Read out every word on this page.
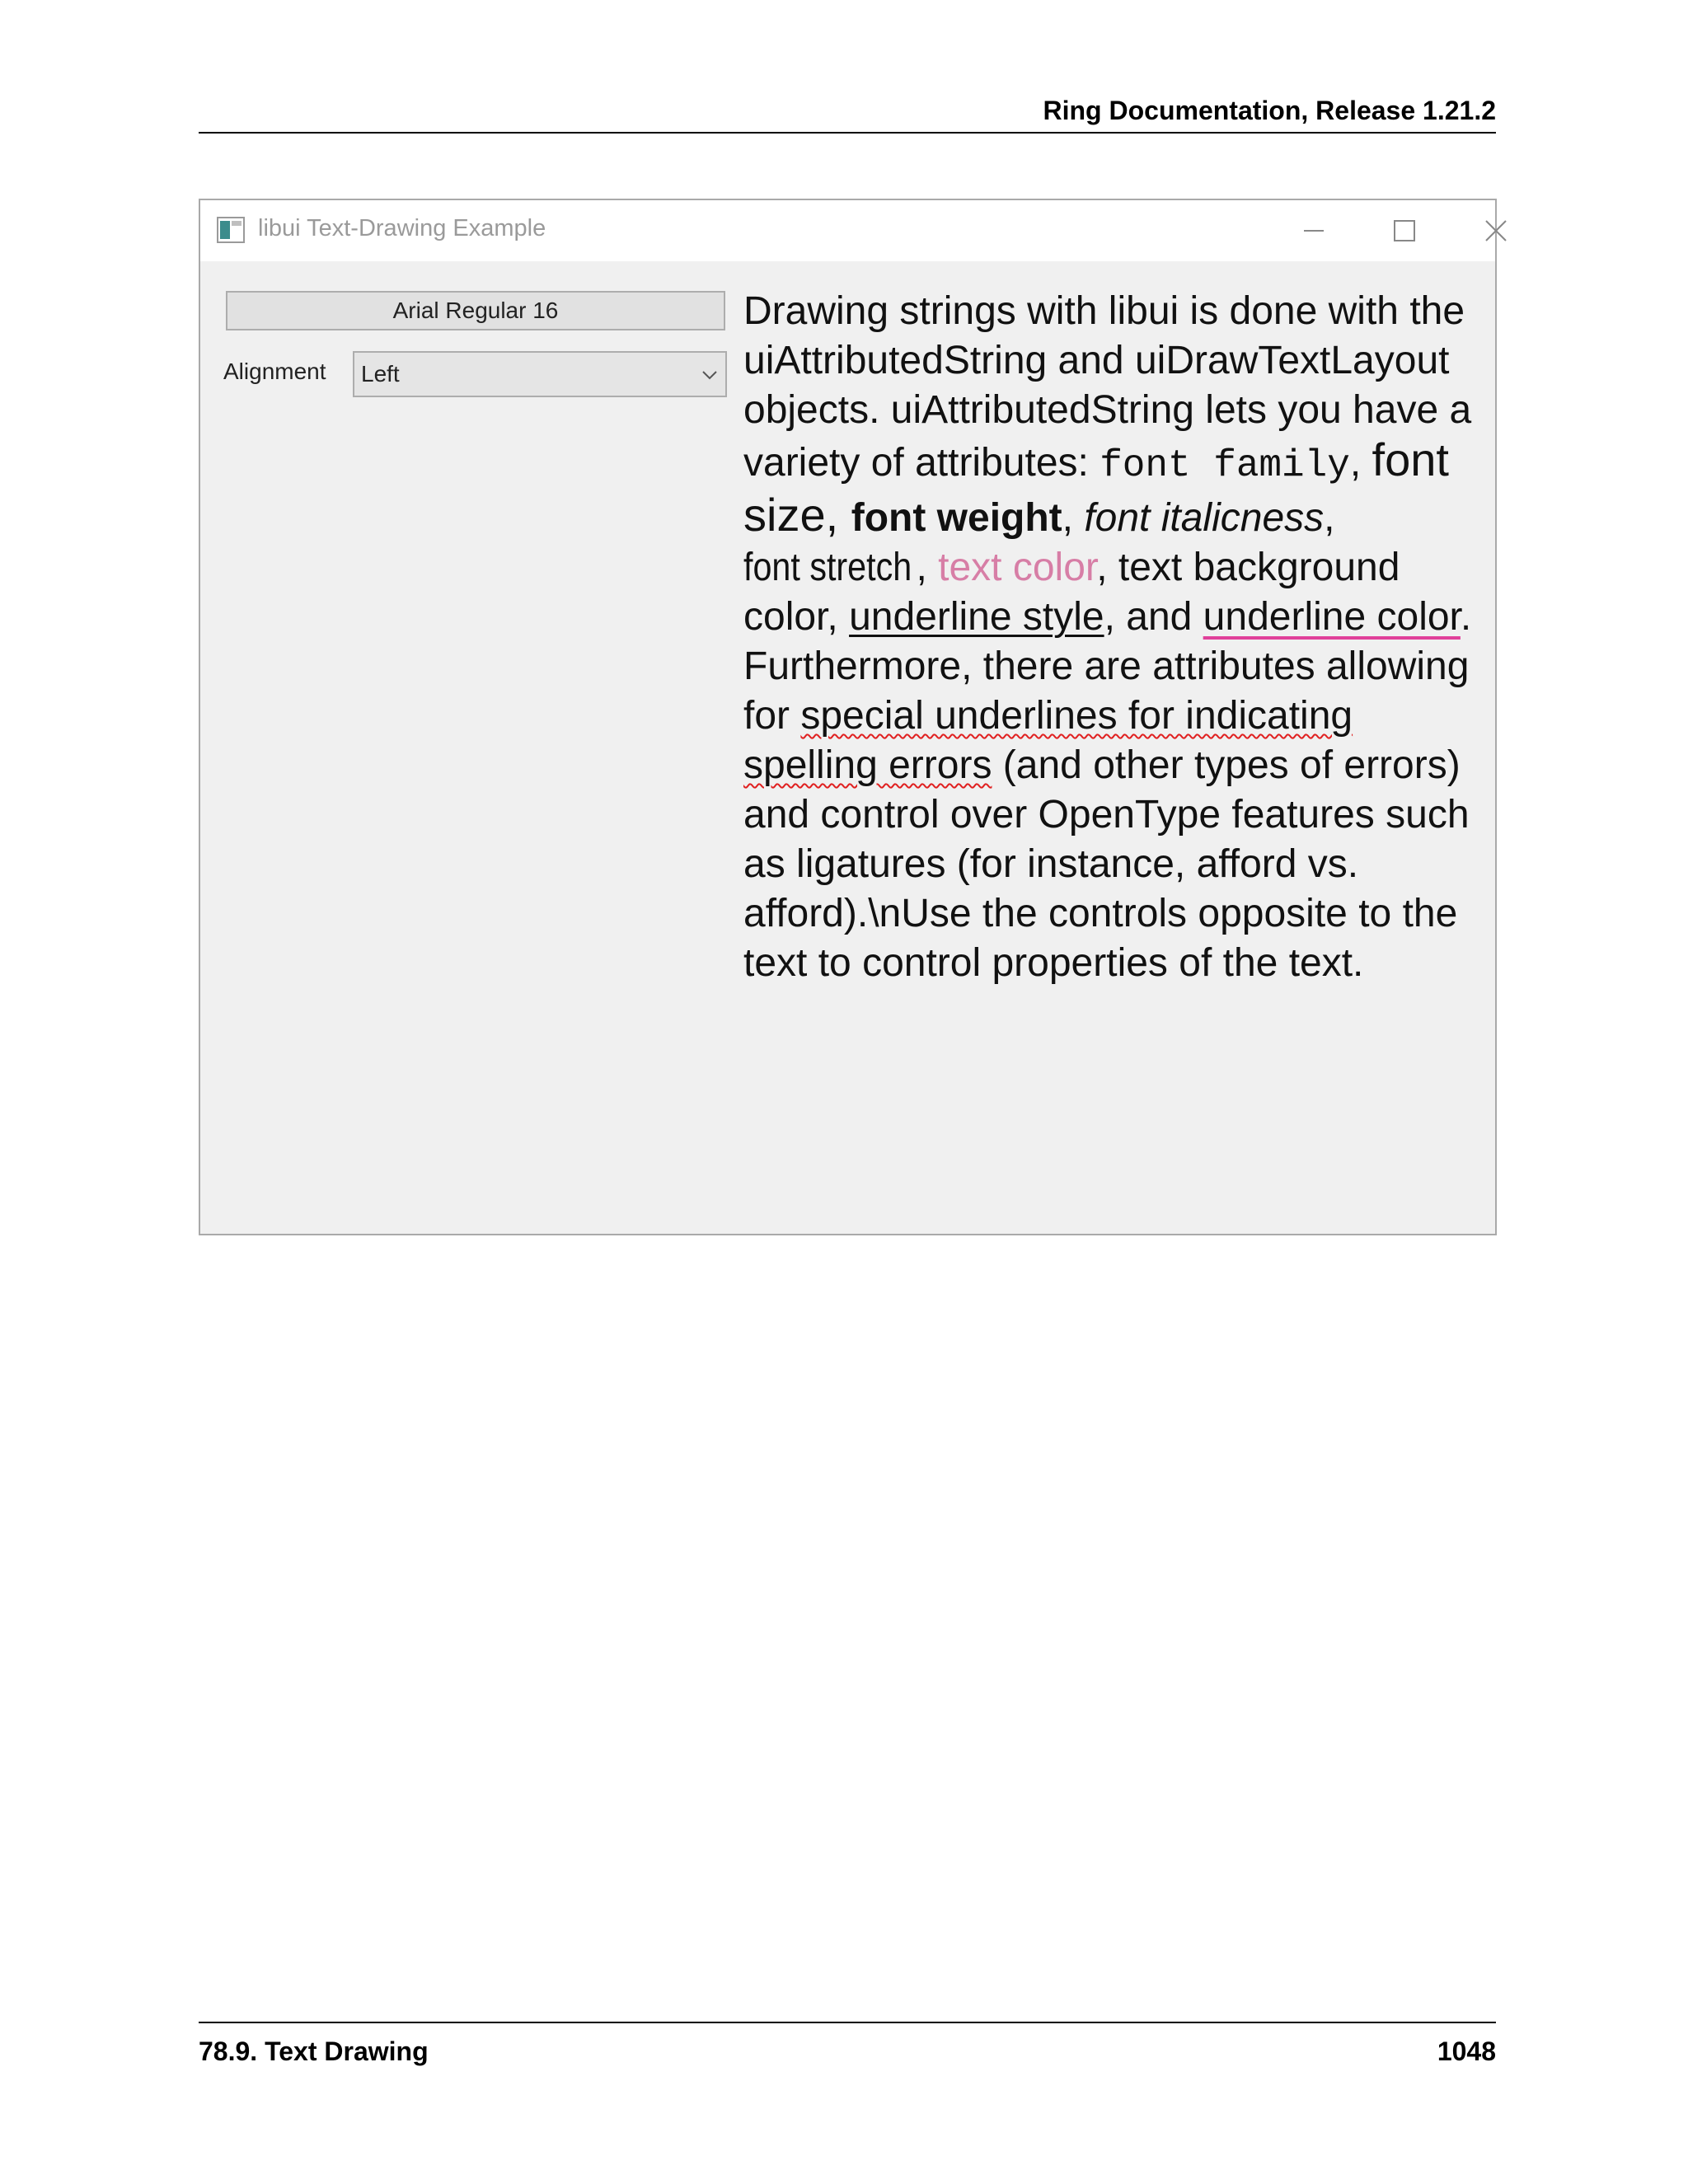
Ring Documentation, Release 1.21.2
libui Text-Drawing Example
Arial Regular 16
Alignment Left
Drawing strings with libui is done with the uiAttributedString and uiDrawTextLayout objects. uiAttributedString lets you have a variety of attributes: font family, font size, font weight, font italicness, font stretch , text color, text background color, underline style, and underline color. Furthermore, there are attributes allowing for special underlines for indicating spelling errors (and other types of errors) and control over OpenType features such as ligatures (for instance, afford vs. afford).\nUse the controls opposite to the text to control properties of the text.
78.9. Text Drawing	1048
